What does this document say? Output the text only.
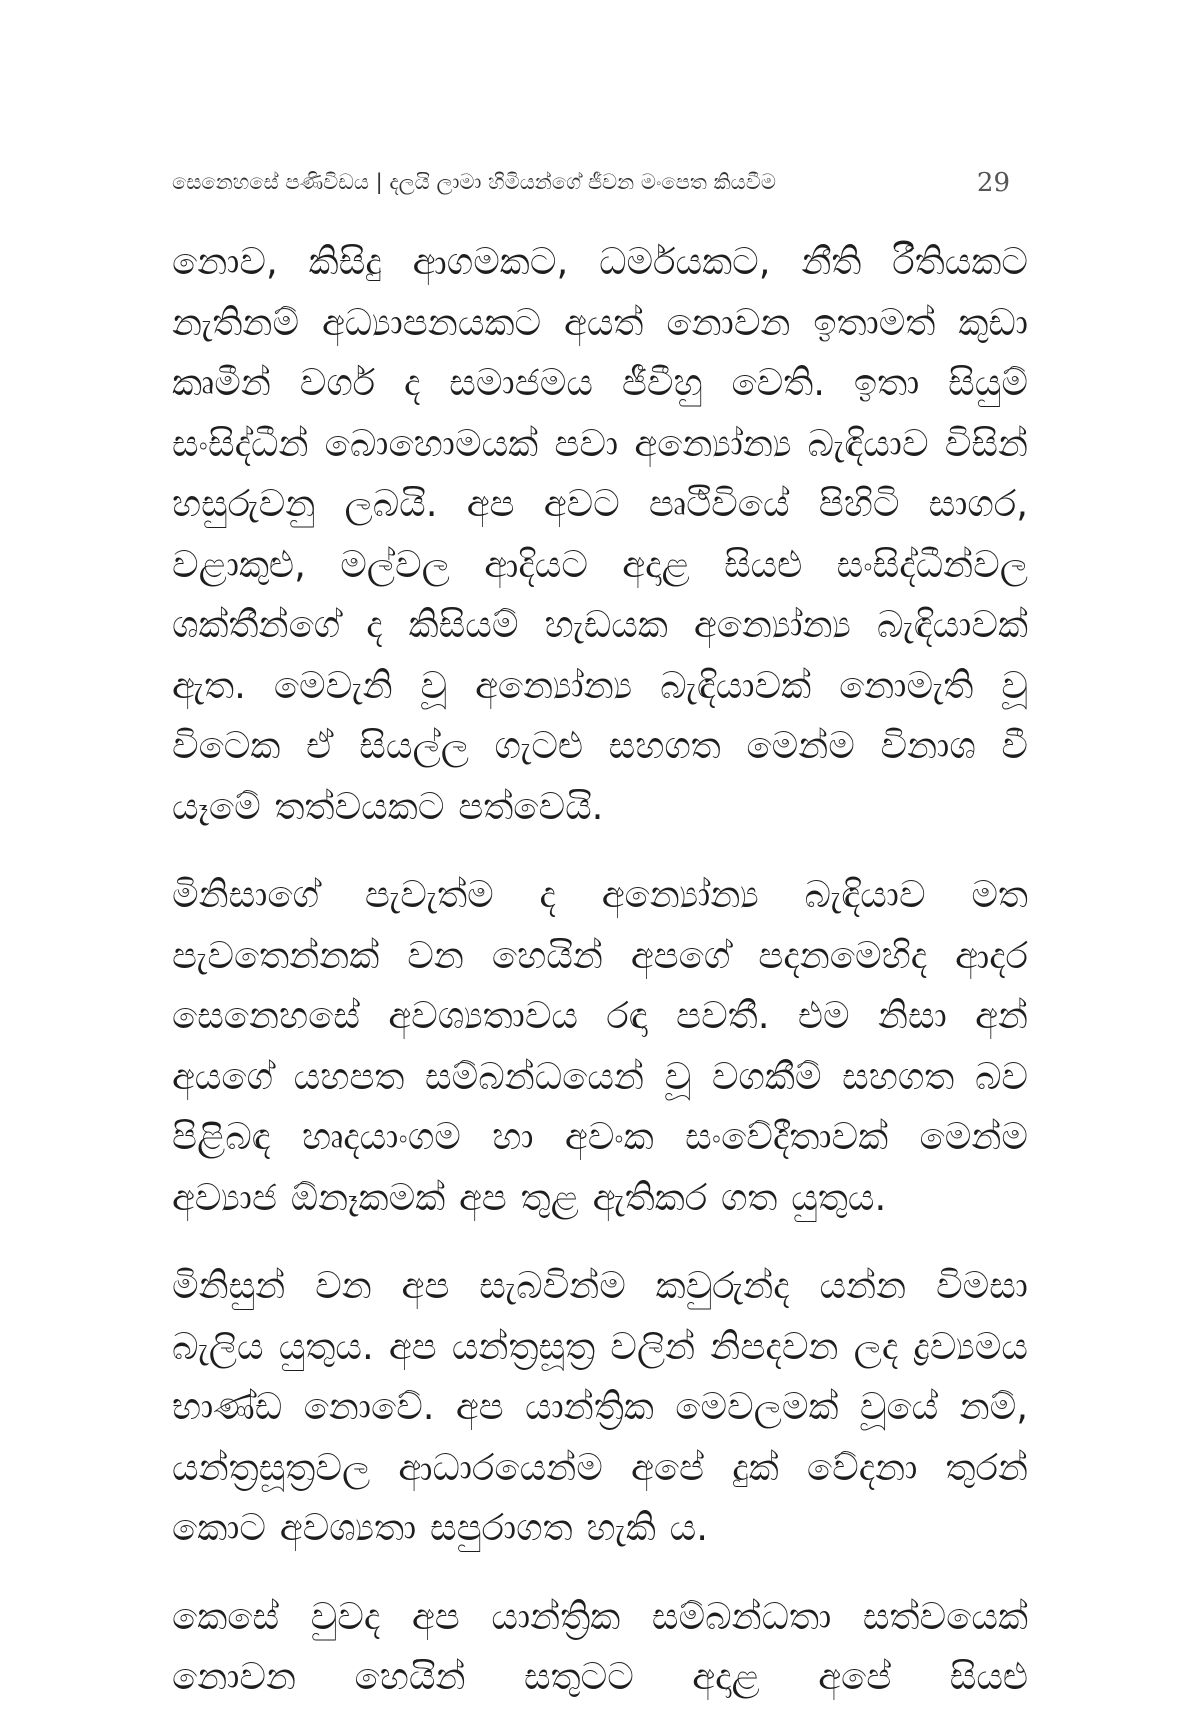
සෙනෙහසේ පණිවිඩය | දලයි ලාමා හිමියන්ගේ ජීවන මංපෙත කියවීම	29

නොව, කිසිදු ආගමකට, ධර්මයකට, නීති රීතියකට නැතිනම් අධ්‍යාපනයකට අයත් නොවන ඉතාමත් කුඩා කෘමීන් වර්ග ද සමාජමය ජීවීහු වෙති. ඉතා සියුම් සංසිද්ධීන් බොහොමයක් පවා අන්‍යෝන්‍ය බැඳියාව විසින් හසුරුවනු ලබයි. අප අවට පෘථිවියේ පිහිටි සාගර, වළාකුළු, මල්වල ආදියට අදාළ සියළු සංසිද්ධීන්වල ශක්තීන්ගේ ද කිසියම් හැඩයක අන්‍යෝන්‍ය බැඳියාවක් ඇත. මෙවැනි වූ අන්‍යෝන්‍ය බැඳියාවක් නොමැති වූ විටෙක ඒ සියල්ල ගැටළු සහගත මෙන්ම විනාශ වී යෑමේ තත්වයකට පත්වෙයි.

මිනිසාගේ පැවැත්ම ද අන්‍යෝන්‍ය බැඳියාව මත පැවතෙන්නක් වන හෙයින් අපගේ පදනමෙහිද ආදර සෙනෙහසේ අවශ්‍යතාවය රඳා පවතී. එම නිසා අන් අයගේ යහපත සම්බන්ධයෙන් වූ වගකීම් සහගත බව පිළිබඳ හෘදයාංගම හා අවංක සංවේදීතාවක් මෙන්ම අව්‍යාජ ඕනෑකමක් අප තුළ ඇතිකර ගත යුතුය.

මිනිසුන් වන අප සැබවින්ම කවුරුන්ද යන්න විමසා බැලිය යුතුය. අප යන්ත්‍රසූත්‍ර වලින් නිපදවන ලද ද්‍රව්‍යමය භාණ්ඩ නොවේ. අප යාන්ත්‍රික මෙවලමක් වූයේ නම්, යන්ත්‍රසූත්‍රවල ආධාරයෙන්ම අපේ දුක් වේදනා තුරන් කොට අවශ්‍යතා සපුරාගත හැකි ය.

කෙසේ වුවද අප යාන්ත්‍රික සම්බන්ධතා සත්වයෙක් නොවන හෙයින් සතුටට අදාළ අපේ සියළු
